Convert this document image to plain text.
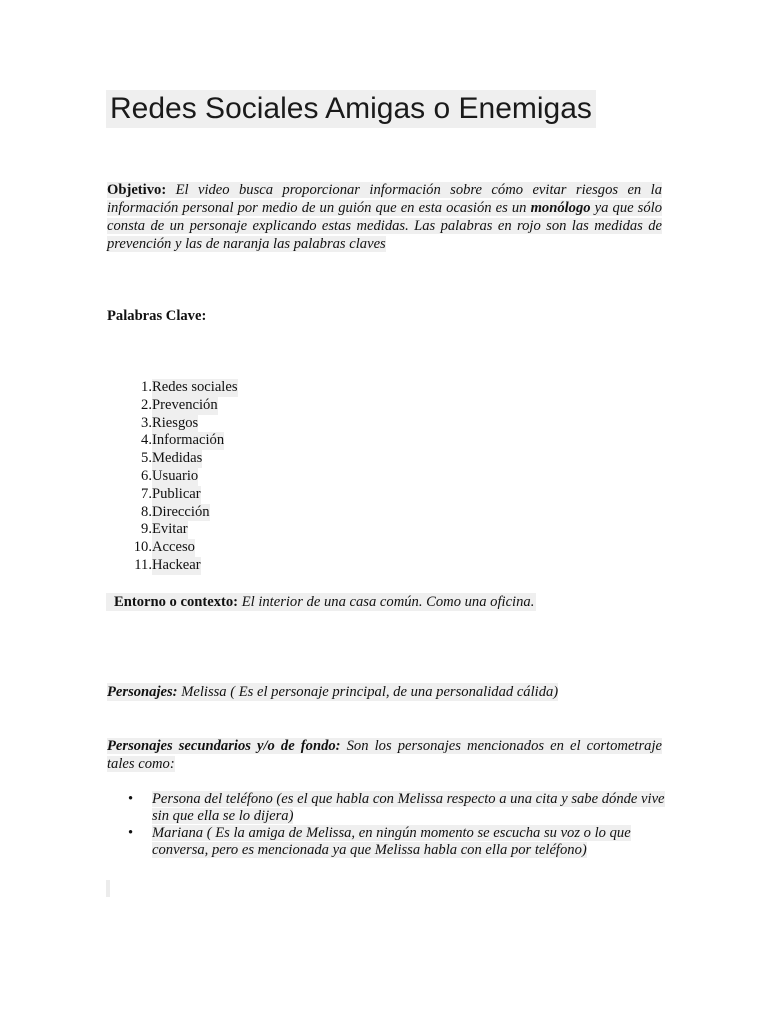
Redes Sociales Amigas o Enemigas
Objetivo: El video busca proporcionar información sobre cómo evitar riesgos en la información personal por medio de un guión que en esta ocasión es un monólogo ya que sólo consta de un personaje explicando estas medidas. Las palabras en rojo son las medidas de prevención y las de naranja las palabras claves
Palabras Clave:
1. Redes sociales
2. Prevención
3. Riesgos
4. Información
5. Medidas
6. Usuario
7. Publicar
8. Dirección
9. Evitar
10. Acceso
11. Hackear
Entorno o contexto: El interior de una casa común. Como una oficina.
Personajes: Melissa ( Es el personaje principal, de una personalidad cálida)
Personajes secundarios y/o de fondo: Son los personajes mencionados en el cortometraje tales como:
• Persona del teléfono (es el que habla con Melissa respecto a una cita y sabe dónde vive sin que ella se lo dijera)
• Mariana ( Es la amiga de Melissa, en ningún momento se escucha su voz o lo que conversa, pero es mencionada ya que Melissa habla con ella por teléfono)
